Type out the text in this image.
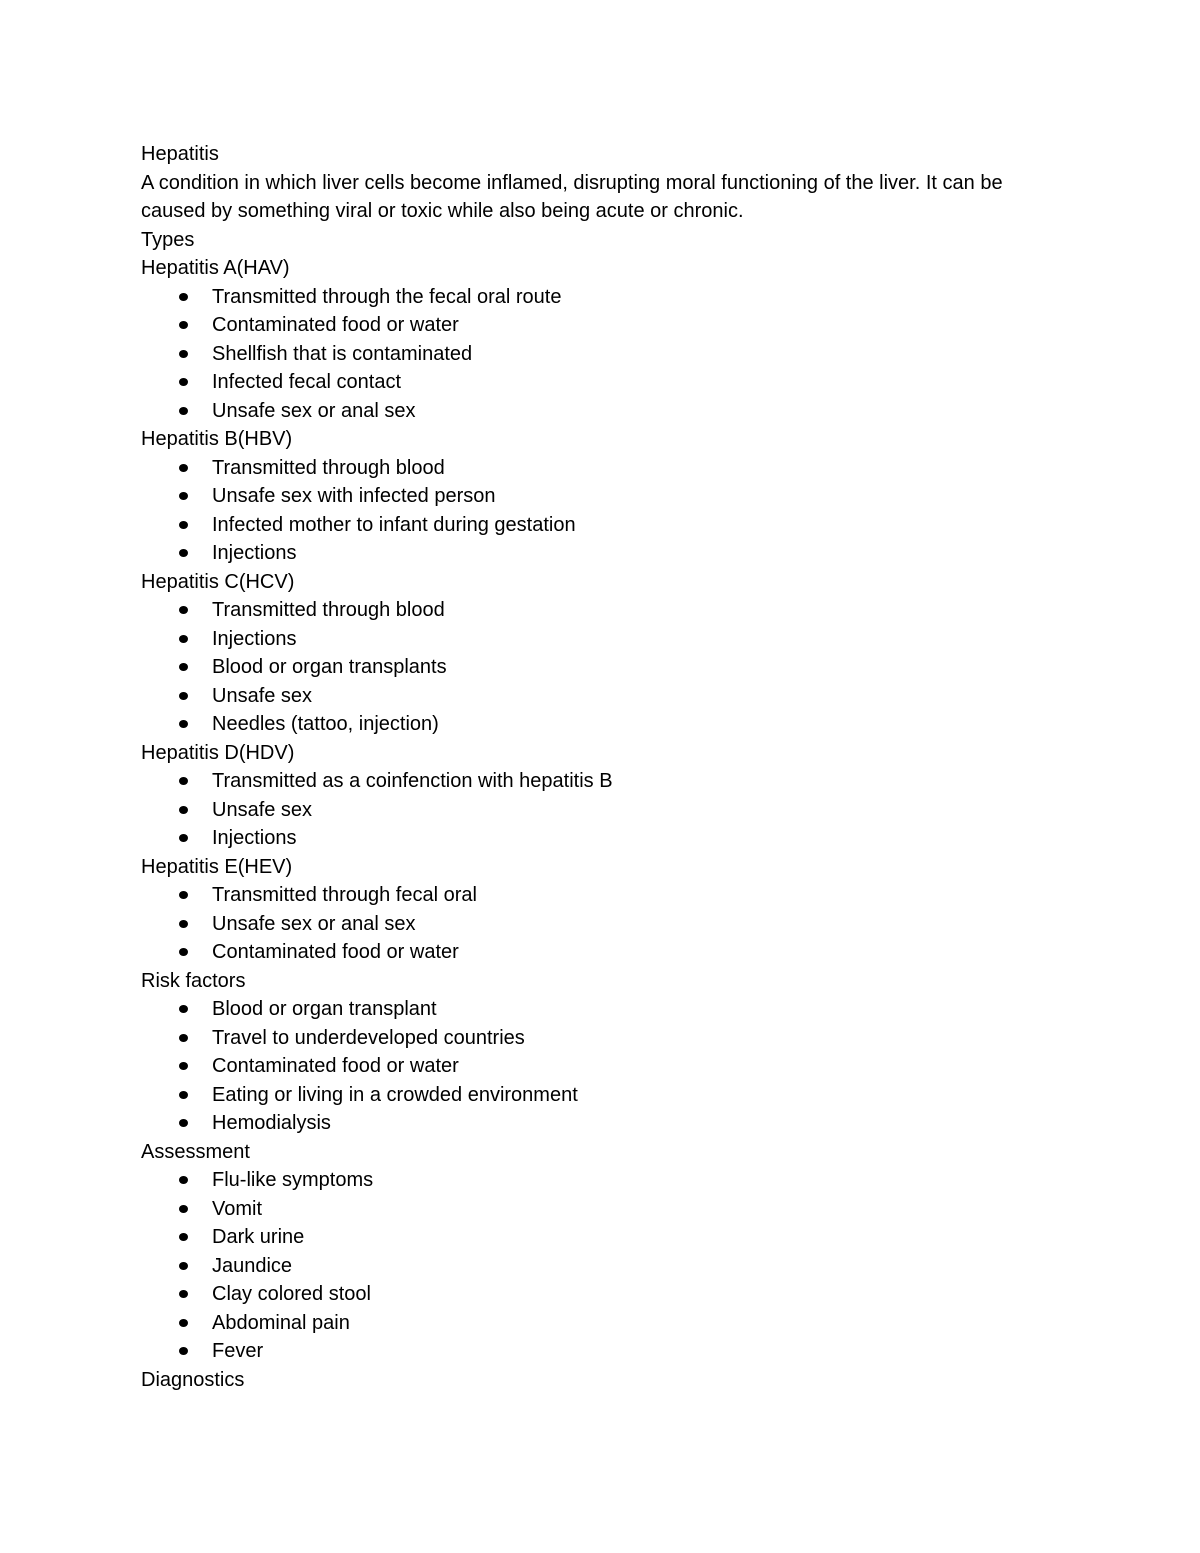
Hepatitis

A condition in which liver cells become inflamed, disrupting moral functioning of the liver. It can be caused by something viral or toxic while also being acute or chronic.

Types

Hepatitis A(HAV)

Transmitted through the fecal oral route
Contaminated food or water
Shellfish that is contaminated
Infected fecal contact
Unsafe sex or anal sex

Hepatitis B(HBV)

Transmitted through blood
Unsafe sex with infected person
Infected mother to infant during gestation
Injections

Hepatitis C(HCV)

Transmitted through blood
Injections
Blood or organ transplants
Unsafe sex
Needles (tattoo, injection)

Hepatitis D(HDV)

Transmitted as a coinfenction with hepatitis B
Unsafe sex
Injections

Hepatitis E(HEV)

Transmitted through fecal oral
Unsafe sex or anal sex
Contaminated food or water

Risk factors

Blood or organ transplant
Travel to underdeveloped countries
Contaminated food or water
Eating or living in a crowded environment
Hemodialysis

Assessment

Flu-like symptoms
Vomit
Dark urine
Jaundice
Clay colored stool
Abdominal pain
Fever

Diagnostics
